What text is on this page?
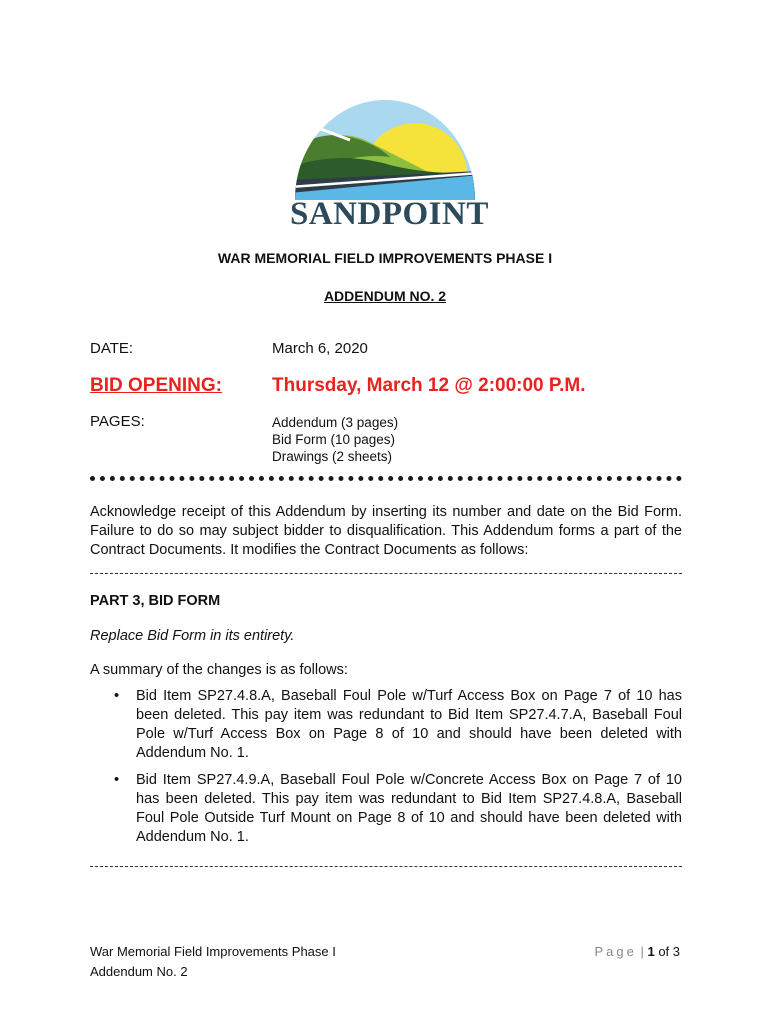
SANDPOINT
WAR MEMORIAL FIELD IMPROVEMENTS PHASE I
ADDENDUM NO. 2
DATE:	March 6, 2020
BID OPENING:	Thursday, March 12 @ 2:00:00 P.M.
PAGES:	Addendum (3 pages)
Bid Form (10 pages)
Drawings (2 sheets)
Acknowledge receipt of this Addendum by inserting its number and date on the Bid Form. Failure to do so may subject bidder to disqualification. This Addendum forms a part of the Contract Documents. It modifies the Contract Documents as follows:
PART 3, BID FORM
Replace Bid Form in its entirety.
A summary of the changes is as follows:
• Bid Item SP27.4.8.A, Baseball Foul Pole w/Turf Access Box on Page 7 of 10 has been deleted. This pay item was redundant to Bid Item SP27.4.7.A, Baseball Foul Pole w/Turf Access Box on Page 8 of 10 and should have been deleted with Addendum No. 1.
• Bid Item SP27.4.9.A, Baseball Foul Pole w/Concrete Access Box on Page 7 of 10 has been deleted. This pay item was redundant to Bid Item SP27.4.8.A, Baseball Foul Pole Outside Turf Mount on Page 8 of 10 and should have been deleted with Addendum No. 1.
War Memorial Field Improvements Phase I
Addendum No. 2
Page | 1 of 3
